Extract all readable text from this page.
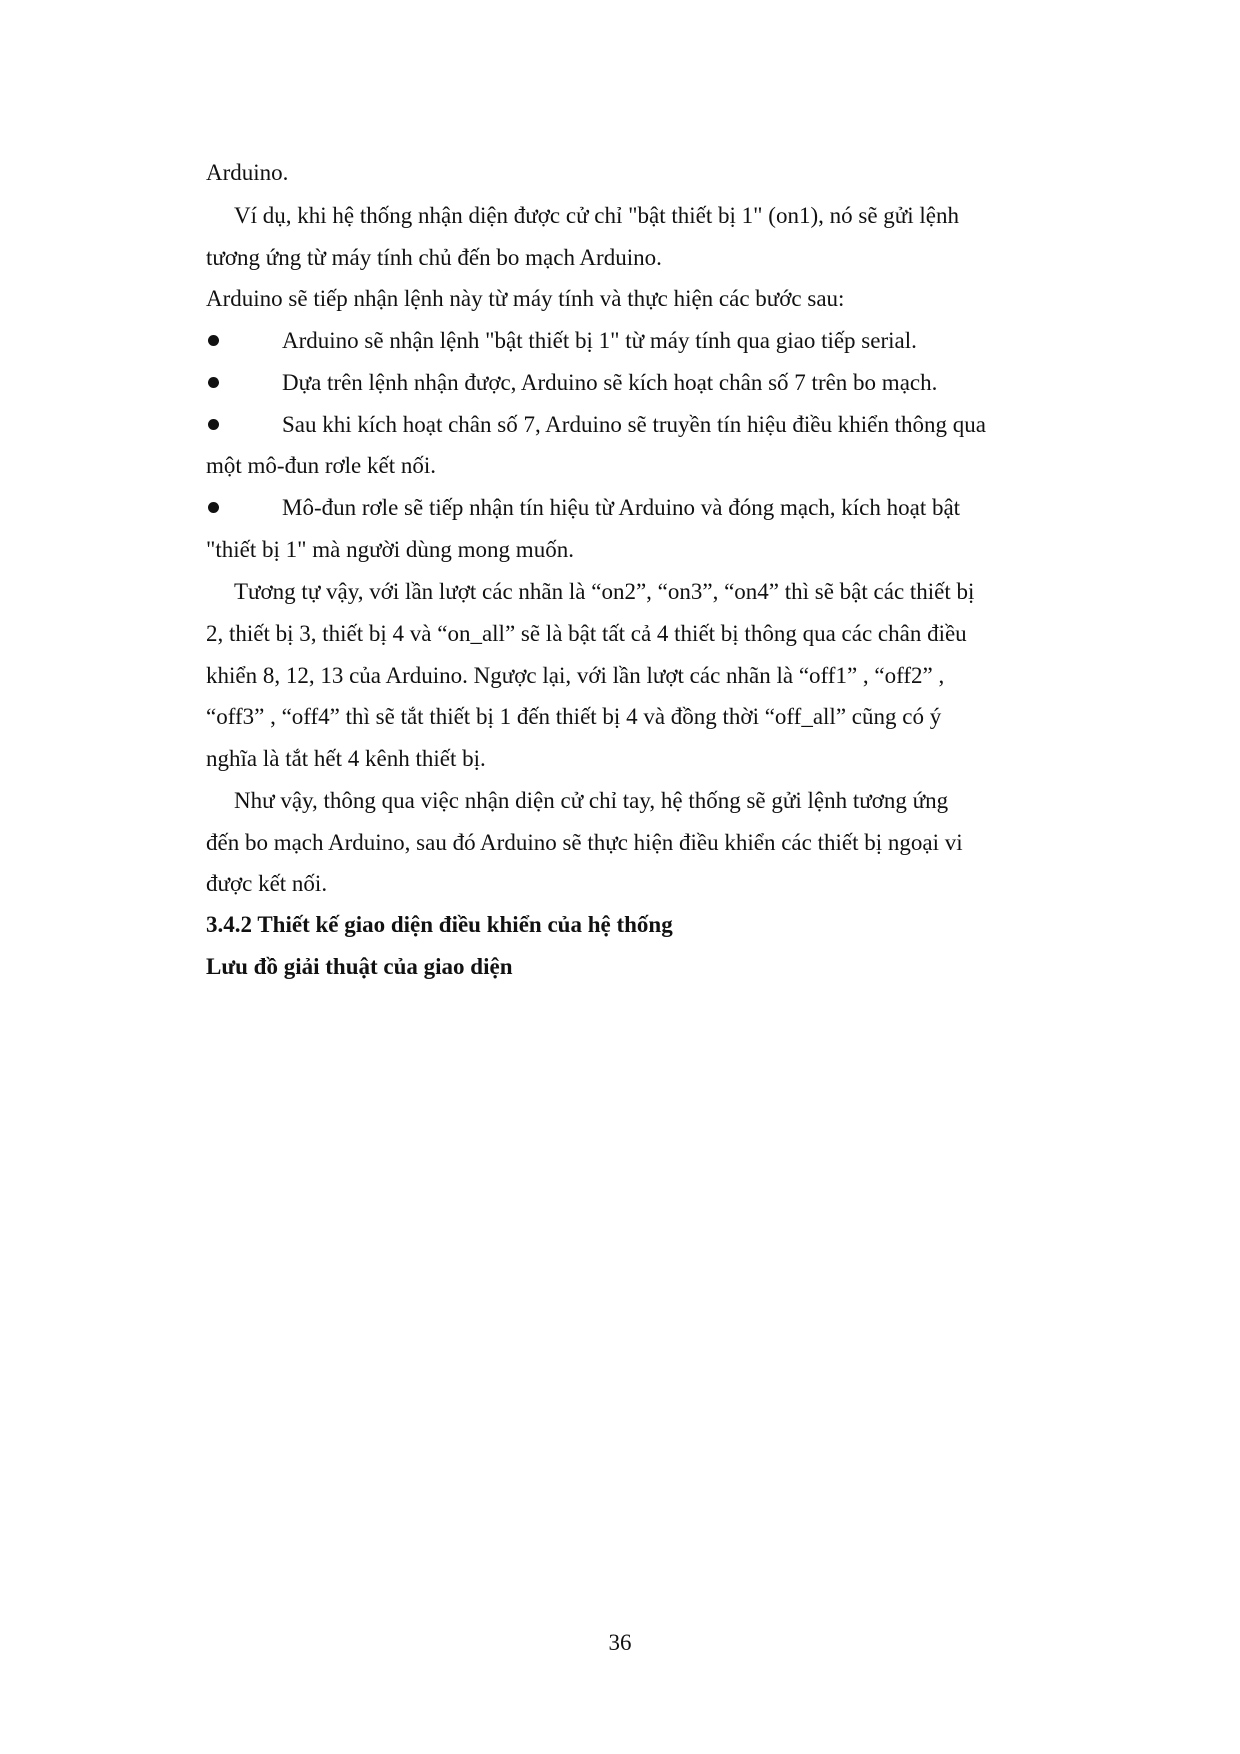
Arduino.
Ví dụ, khi hệ thống nhận diện được cử chỉ "bật thiết bị 1" (on1), nó sẽ gửi lệnh
tương ứng từ máy tính chủ đến bo mạch Arduino.
Arduino sẽ tiếp nhận lệnh này từ máy tính và thực hiện các bước sau:
Arduino sẽ nhận lệnh "bật thiết bị 1" từ máy tính qua giao tiếp serial.
Dựa trên lệnh nhận được, Arduino sẽ kích hoạt chân số 7 trên bo mạch.
Sau khi kích hoạt chân số 7, Arduino sẽ truyền tín hiệu điều khiển thông qua
một mô-đun rơle kết nối.
Mô-đun rơle sẽ tiếp nhận tín hiệu từ Arduino và đóng mạch, kích hoạt bật
"thiết bị 1" mà người dùng mong muốn.
Tương tự vậy, với lần lượt các nhãn là “on2”, “on3”, “on4” thì sẽ bật các thiết bị
2, thiết bị 3, thiết bị 4 và “on_all” sẽ là bật tất cả 4 thiết bị thông qua các chân điều
khiển 8, 12, 13 của Arduino. Ngược lại, với lần lượt các nhãn là “off1” , “off2” ,
“off3” , “off4” thì sẽ tắt thiết bị 1 đến thiết bị 4 và đồng thời “off_all” cũng có ý
nghĩa là tắt hết 4 kênh thiết bị.
Như vậy, thông qua việc nhận diện cử chỉ tay, hệ thống sẽ gửi lệnh tương ứng
đến bo mạch Arduino, sau đó Arduino sẽ thực hiện điều khiển các thiết bị ngoại vi
được kết nối.
3.4.2 Thiết kế giao diện điều khiển của hệ thống
Lưu đồ giải thuật của giao diện
36
